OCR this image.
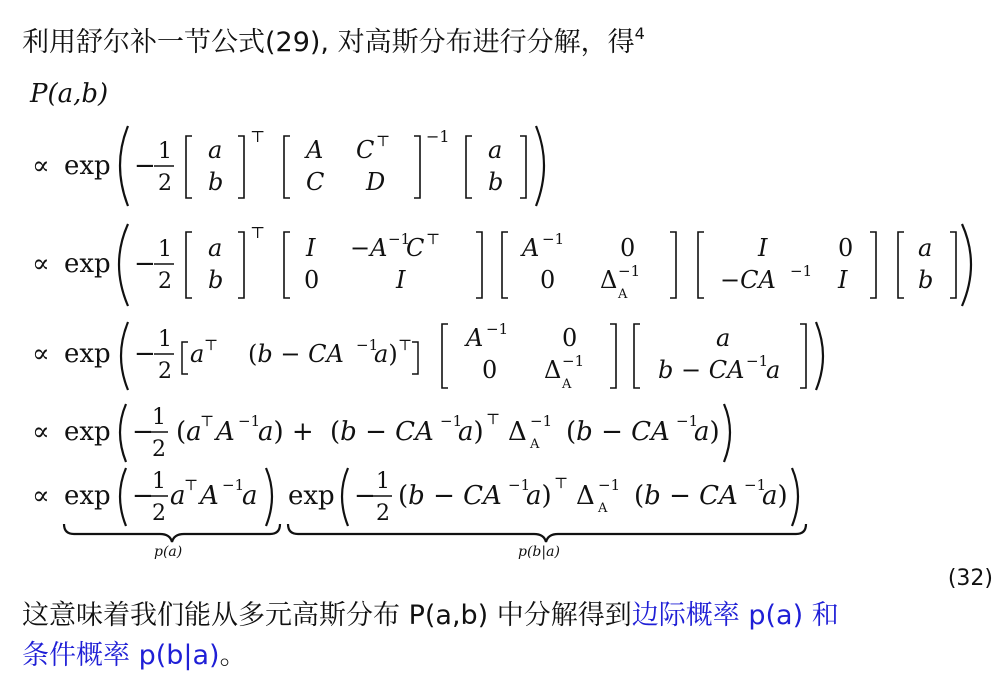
利用舒尔补一节公式(29), 对高斯分布进行分解，得$^4$
P(a,b)
∝ exp − 1
2
a
b
⊤ A C ⊤
C D
−1 a
b
∝ exp − 1
2
a
b
⊤
I −A −1
C ⊤
0	I
A −1 0
0 Δ −1
A
I	0
−CA −1 I
a
b
∝ exp − 1
2
a ⊤ (b − CA −1
a) ⊤ A −1 0
0 Δ −1
A
a
b − CA −1
a
∝ exp −
1
2
(a
⊤ A −1
a) + (b − CA −1
a) ⊤ Δ −1
A (b − CA −1
a)
∝ exp −
1
2
a
⊤ A −1
a exp − 1
2
(b − CA −1
a) ⊤ Δ −1
A (b − CA −1
a)
p(a)	p(b|a)
(32)
这意味着我们能从多元高斯分布 P(a,b) 中分解得到边际概率 p(a) 和
条件概率 p(b|a)。
